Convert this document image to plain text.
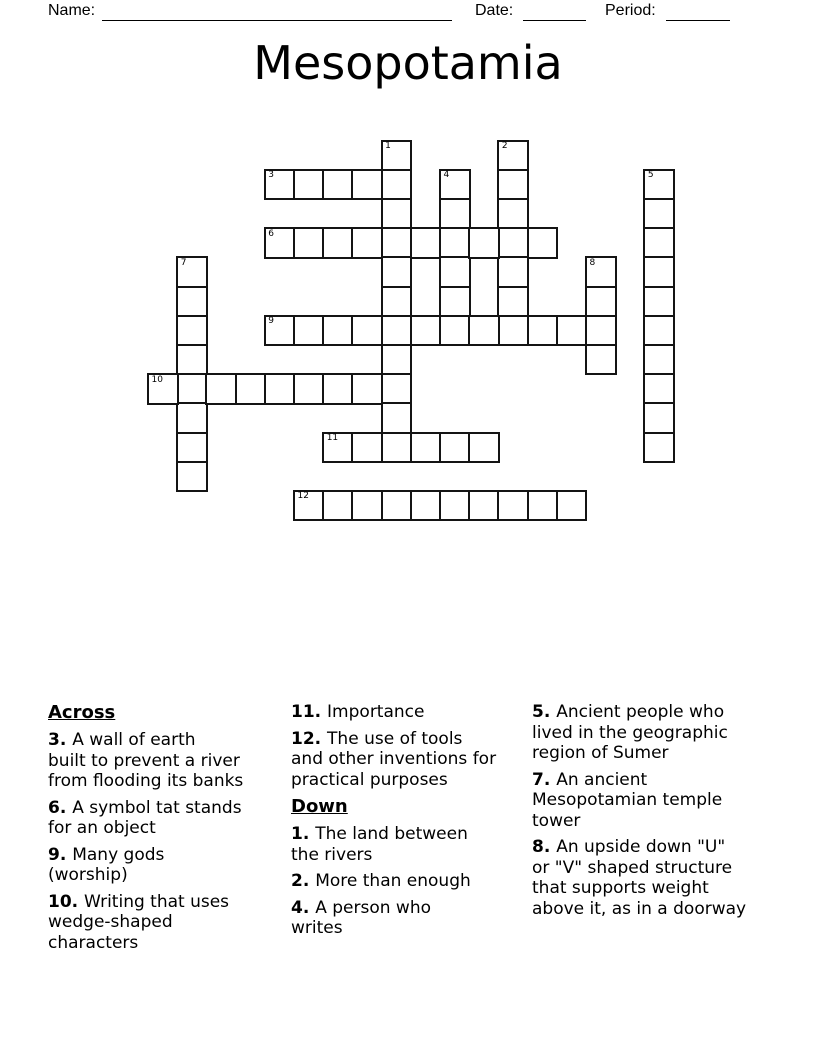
Name:	Date:	Period:
Mesopotamia
1	2
3	4	5
6
7	8
9
10
11
12
Across

3. A wall of earth
built to prevent a river
from flooding its banks

6. A symbol tat stands
for an object

9. Many gods
(worship)

10. Writing that uses
wedge-shaped
characters

11. Importance

12. The use of tools
and other inventions for
practical purposes

Down

1. The land between
the rivers

2. More than enough

4. A person who
writes

5. Ancient people who
lived in the geographic
region of Sumer

7. An ancient
Mesopotamian temple
tower

8. An upside down "U"
or "V" shaped structure
that supports weight
above it, as in a doorway
